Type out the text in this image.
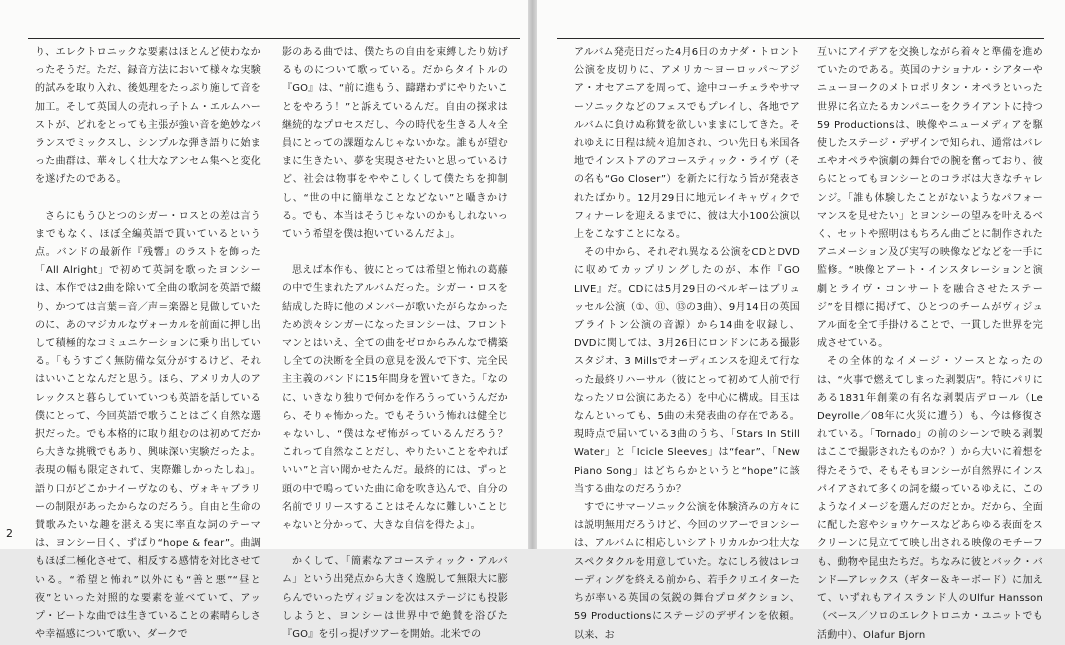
り、エレクトロニックな要素はほとんど使わなかったそうだ。ただ、録音方法において様々な実験的試みを取り入れ、後処理をたっぷり施して音を加工。そして英国人の売れっ子トム・エルムハーストが、どれをとっても主張が強い音を絶妙なバランスでミックスし、シンプルな弾き語りに始まった曲群は、華々しく壮大なアンセム集へと変化を遂げたのである。

さらにもうひとつのシガー・ロスとの差は言うまでもなく、ほぼ全編英語で貫いているという点。バンドの最新作『残響』のラストを飾った「All Alright」で初めて英詞を歌ったヨンシーは、本作では2曲を除いて全曲の歌詞を英語で綴り、かつては言葉＝音／声＝楽器と見做していたのに、あのマジカルなヴォーカルを前面に押し出して積極的なコミュニケーションに乗り出している。「もうすごく無防備な気分がするけど、それはいいことなんだと思う。ほら、アメリカ人のアレックスと暮らしていていつも英語を話している僕にとって、今回英語で歌うことはごく自然な選択だった。でも本格的に取り組むのは初めてだから大きな挑戦でもあり、興味深い実験だったよ。表現の幅も限定されて、実際難しかったしね」。語り口がどこかナイーヴなのも、ヴォキャブラリーの制限があったからなのだろう。自由と生命の賛歌みたいな趣を湛える実に率直な詞のテーマは、ヨンシー日く、ずばり“hope & fear”。曲調もほぼ二極化させて、相反する感情を対比させている。“希望と怖れ”以外にも“善と悪”“昼と夜”といった対照的な要素を並べていて、アップ・ビートな曲では生きていることの素晴らしさや幸福感について歌い、ダークで

影のある曲では、僕たちの自由を束縛したり妨げるものについて歌っている。だからタイトルの『GO』は、“前に進もう、躊躇わずにやりたいことをやろう！”と訴えているんだ。自由の探求は継続的なプロセスだし、今の時代を生きる人々全員にとっての課題なんじゃないかな。誰もが望むまに生きたい、夢を実現させたいと思っているけど、社会は物事をややこしくして僕たちを抑制し、“世の中に簡単なことなどない”と囁きかける。でも、本当はそうじゃないのかもしれないっていう希望を僕は抱いているんだよ」。

思えば本作も、彼にとっては希望と怖れの葛藤の中で生まれたアルバムだった。シガー・ロスを結成した時に他のメンバーが歌いたがらなかったため渋々シンガーになったヨンシーは、フロントマンとはいえ、全ての曲をゼロからみんなで構築し全ての決断を全員の意見を汲んで下す、完全民主主義のバンドに15年間身を置いてきた。「なのに、いきなり独りで何かを作ろうっていうんだから、そりゃ怖かった。でもそういう怖れは健全じゃないし、“僕はなぜ怖がっているんだろう？　これって自然なことだし、やりたいことをやればいい”と言い聞かせたんだ。最終的には、ずっと頭の中で鳴っていた曲に命を吹き込んで、自分の名前でリリースすることはそんなに難しいことじゃないと分かって、大きな自信を得たよ」。

かくして、「簡素なアコースティック・アルバム」という出発点から大きく逸脱して無限大に膨らんでいったヴィジョンを次はステージにも投影しようと、ヨンシーは世界中で絶賛を浴びた『GO』を引っ提げツアーを開始。北米での

2

アルバム発売日だった4月6日のカナダ・トロント公演を皮切りに、アメリカ〜ヨーロッパ〜アジア・オセアニアを周って、途中コーチェラやサマーソニックなどのフェスでもプレイし、各地でアルバムに負けぬ称賛を欲しいままにしてきた。それゆえに日程は続々追加され、つい先日も米国各地でインストアのアコースティック・ライヴ（その名も“Go Closer”）を新たに行なう旨が発表されたばかり。12月29日に地元レイキャヴィクでフィナーレを迎えるまでに、彼は大小100公演以上をこなすことになる。

その中から、それぞれ異なる公演をCDとDVDに収めてカップリングしたのが、本作『GO LIVE』だ。CDには5月29日のベルギーはブリュッセル公演（①、⑪、⑬の3曲）、9月14日の英国ブライトン公演の音源）から14曲を収録し、DVDに関しては、3月26日にロンドンにある撮影スタジオ、3 Millsでオーディエンスを迎えて行なった最終リハーサル（彼にとって初めて人前で行なったソロ公演にあたる）を中心に構成。目玉はなんといっても、5曲の未発表曲の存在である。現時点で届いている3曲のうち、「Stars In Still Water」と「Icicle Sleeves」は“fear”、「New Piano Song」はどちらかというと“hope”に該当する曲なのだろうか？

すでにサマーソニック公演を体験済みの方々には説明無用だろうけど、今回のツアーでヨンシーは、アルバムに相応しいシアトリカルかつ壮大なスペクタクルを用意していた。なにしろ彼はレコーディングを終える前から、若手クリエイターたちが率いる英国の気鋭の舞台プロダクション、59 Productionsにステージのデザインを依頼。以来、お

互いにアイデアを交換しながら着々と準備を進めていたのである。英国のナショナル・シアターやニューヨークのメトロポリタン・オペラといった世界に名立たるカンパニーをクライアントに持つ59 Productionsは、映像やニューメディアを駆使したステージ・デザインで知られ、通常はバレエやオペラや演劇の舞台での腕を奮っており、彼らにとってもヨンシーとのコラボは大きなチャレンジ。「誰も体験したことがないようなパフォーマンスを見せたい」とヨンシーの望みを叶えるべく、セットや照明はもちろん曲ごとに制作されたアニメーション及び実写の映像などなどを一手に監修。“映像とアート・インスタレーションと演劇とライヴ・コンサートを融合させたステージ”を目標に掲げて、ひとつのチームがヴィジュアル面を全て手掛けることで、一貫した世界を完成させている。

その全体的なイメージ・ソースとなったのは、“火事で燃えてしまった剥製店”。特にパリにある1831年創業の有名な剥製店デロール（Le Deyrolle／08年に火災に遭う）も、今は修復されている。「Tornado」の前のシーンで映る剥製はここで撮影されたものか？）から大いに着想を得たそうで、そもそもヨンシーが自然界にインスパイアされて多くの詞を綴っているゆえに、このようなイメージを選んだのだとか。だから、全面に配した窓やショウケースなどあらゆる表面をスクリーンに見立てて映し出される映像のモチーフも、動物や昆虫たちだ。ちなみに彼とバック・バンド―アレックス（ギター＆キーボード）に加えて、いずれもアイスランド人のUlfur Hansson（ベース／ソロのエレクトロニカ・ユニットでも活動中）、Olafur Bjorn
